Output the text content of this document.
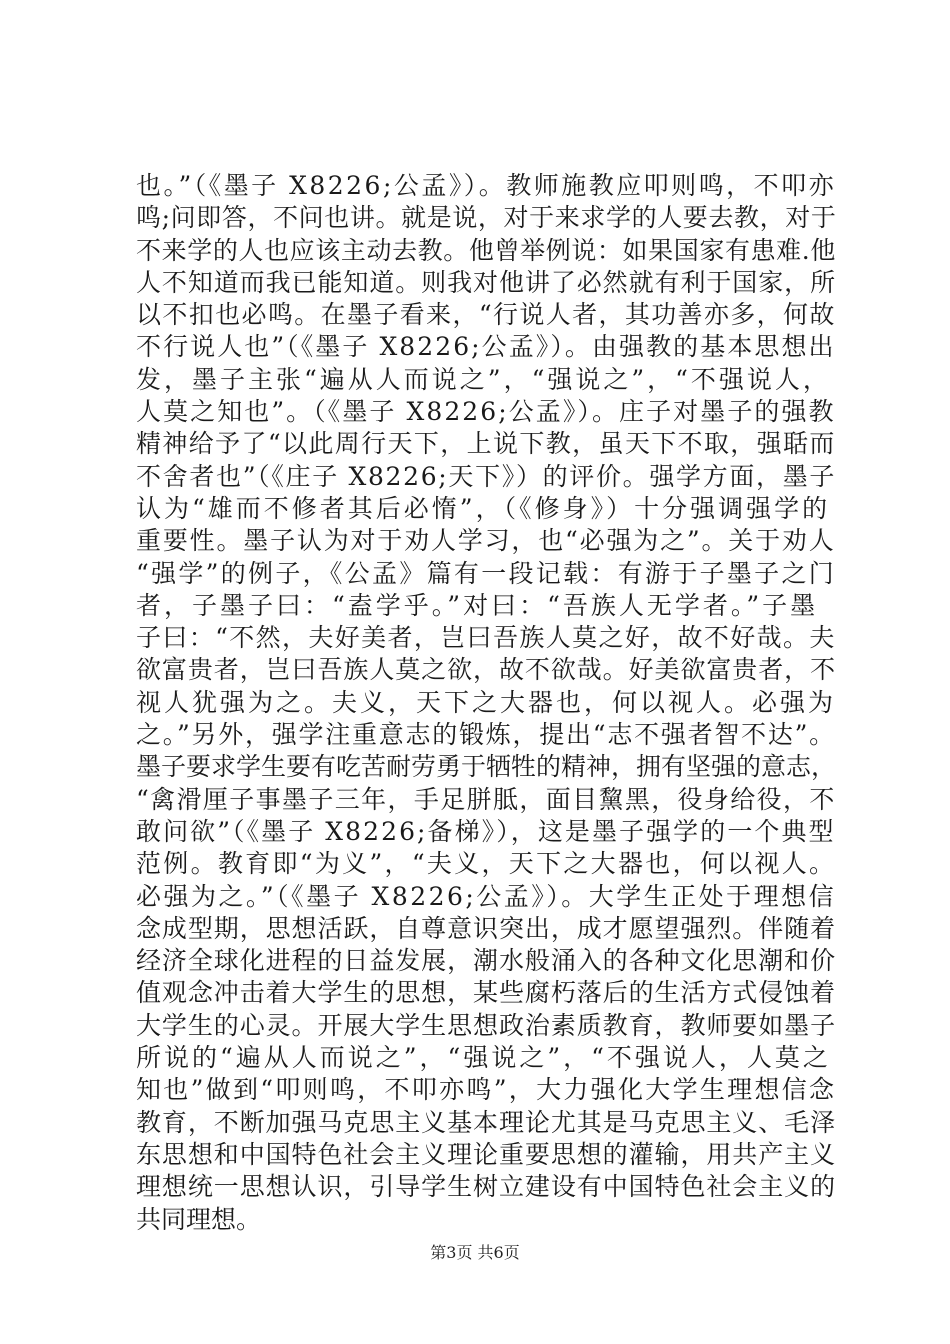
也。”（《墨子 X8226;公孟》）。教师施教应叩则鸣，不叩亦
鸣;问即答，不问也讲。就是说，对于来求学的人要去教，对于
不来学的人也应该主动去教。他曾举例说：如果国家有患难.他
人不知道而我已能知道。则我对他讲了必然就有利于国家，所
以不扣也必鸣。在墨子看来，“行说人者，其功善亦多，何故
不行说人也”（《墨子 X8226;公孟》）。由强教的基本思想出
发，墨子主张“遍从人而说之”，“强说之”，“不强说人，
人莫之知也”。（《墨子 X8226;公孟》）。庄子对墨子的强教
精神给予了“以此周行天下，上说下教，虽天下不取，强聒而
不舍者也”（《庄子 X8226;天下》）的评价。强学方面，墨子
认为“雄而不修者其后必惰”，（《修身》）十分强调强学的
重要性。墨子认为对于劝人学习，也“必强为之”。关于劝人
“强学”的例子，《公孟》篇有一段记载：有游于子墨子之门
者，子墨子曰：“盍学乎。”对曰：“吾族人无学者。”子墨
子曰：“不然，夫好美者，岂曰吾族人莫之好，故不好哉。夫
欲富贵者，岂曰吾族人莫之欲，故不欲哉。好美欲富贵者，不
视人犹强为之。夫义，天下之大器也，何以视人。必强为
之。”另外，强学注重意志的锻炼，提出“志不强者智不达”。
墨子要求学生要有吃苦耐劳勇于牺牲的精神，拥有坚强的意志，
“禽滑厘子事墨子三年，手足胼胝，面目黧黑，役身给役，不
敢问欲”（《墨子 X8226;备梯》），这是墨子强学的一个典型
范例。教育即“为义”，“夫义，天下之大器也，何以视人。
必强为之。”（《墨子 X8226;公孟》）。大学生正处于理想信
念成型期，思想活跃，自尊意识突出，成才愿望强烈。伴随着
经济全球化进程的日益发展，潮水般涌入的各种文化思潮和价
值观念冲击着大学生的思想，某些腐朽落后的生活方式侵蚀着
大学生的心灵。开展大学生思想政治素质教育，教师要如墨子
所说的“遍从人而说之”，“强说之”，“不强说人，人莫之
知也”做到“叩则鸣，不叩亦鸣”，大力强化大学生理想信念
教育，不断加强马克思主义基本理论尤其是马克思主义、毛泽
东思想和中国特色社会主义理论重要思想的灌输，用共产主义
理想统一思想认识，引导学生树立建设有中国特色社会主义的
共同理想。
第3页 共6页
